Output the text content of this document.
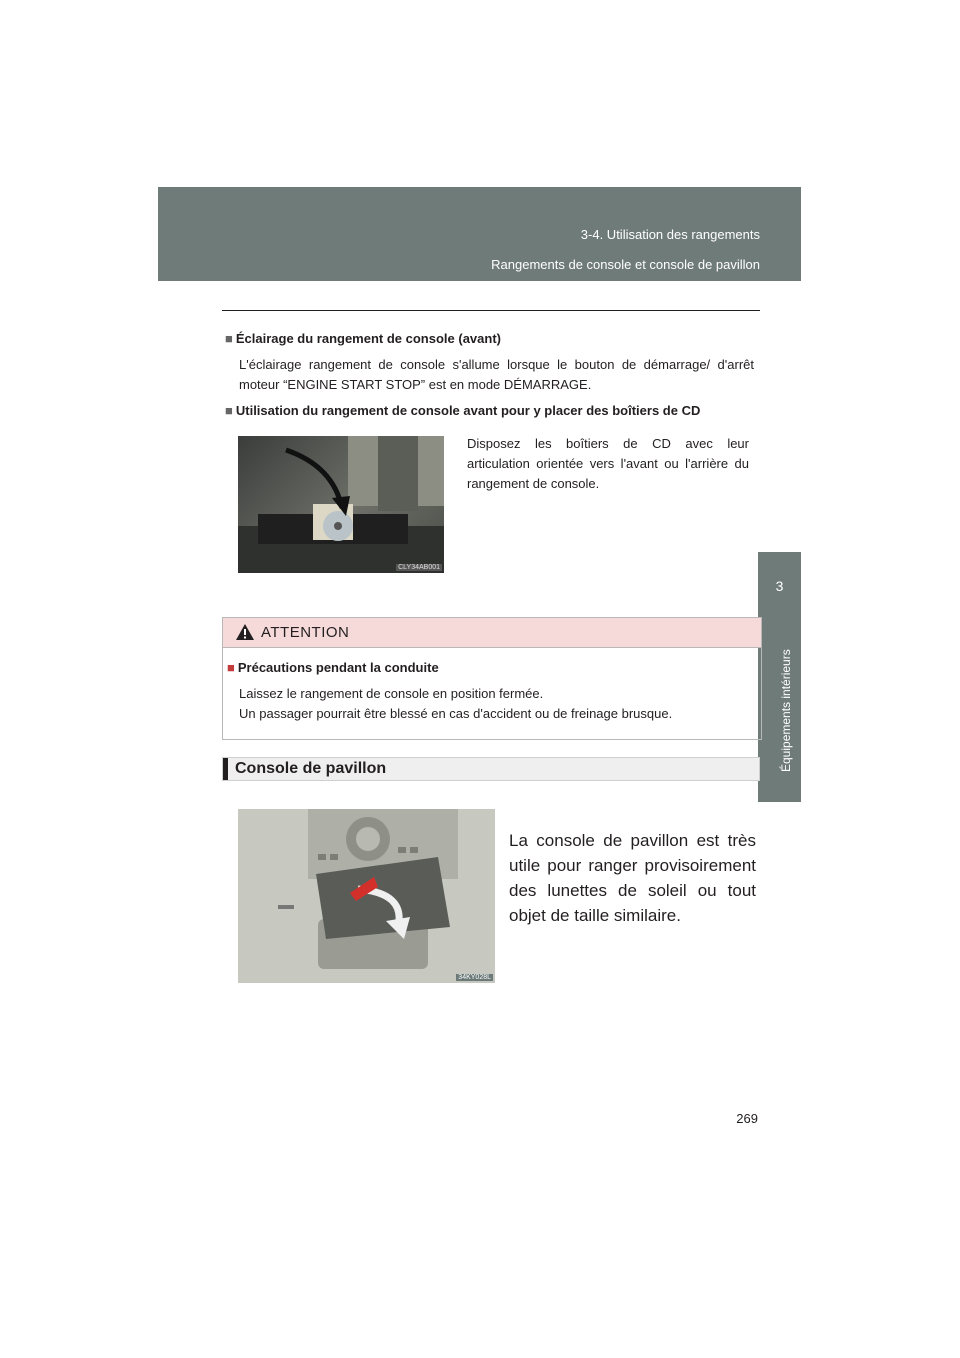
3-4. Utilisation des rangements
Rangements de console et console de pavillon
3
Équipements intérieurs
■ Éclairage du rangement de console (avant)
L'éclairage rangement de console s'allume lorsque le bouton de démarrage/ d'arrêt moteur “ENGINE START STOP” est en mode DÉMARRAGE.
■ Utilisation du rangement de console avant pour y placer des boîtiers de CD
CLY34AB001
Disposez les boîtiers de CD avec leur articulation orientée vers l'avant ou l'arrière du rangement de console.
ATTENTION
■ Précautions pendant la conduite
Laissez le rangement de console en position fermée.
Un passager pourrait être blessé en cas d'accident ou de freinage brusque.
Console de pavillon
34KY028L
La console de pavillon est très utile pour ranger provisoirement des lunettes de soleil ou tout objet de taille similaire.
269
